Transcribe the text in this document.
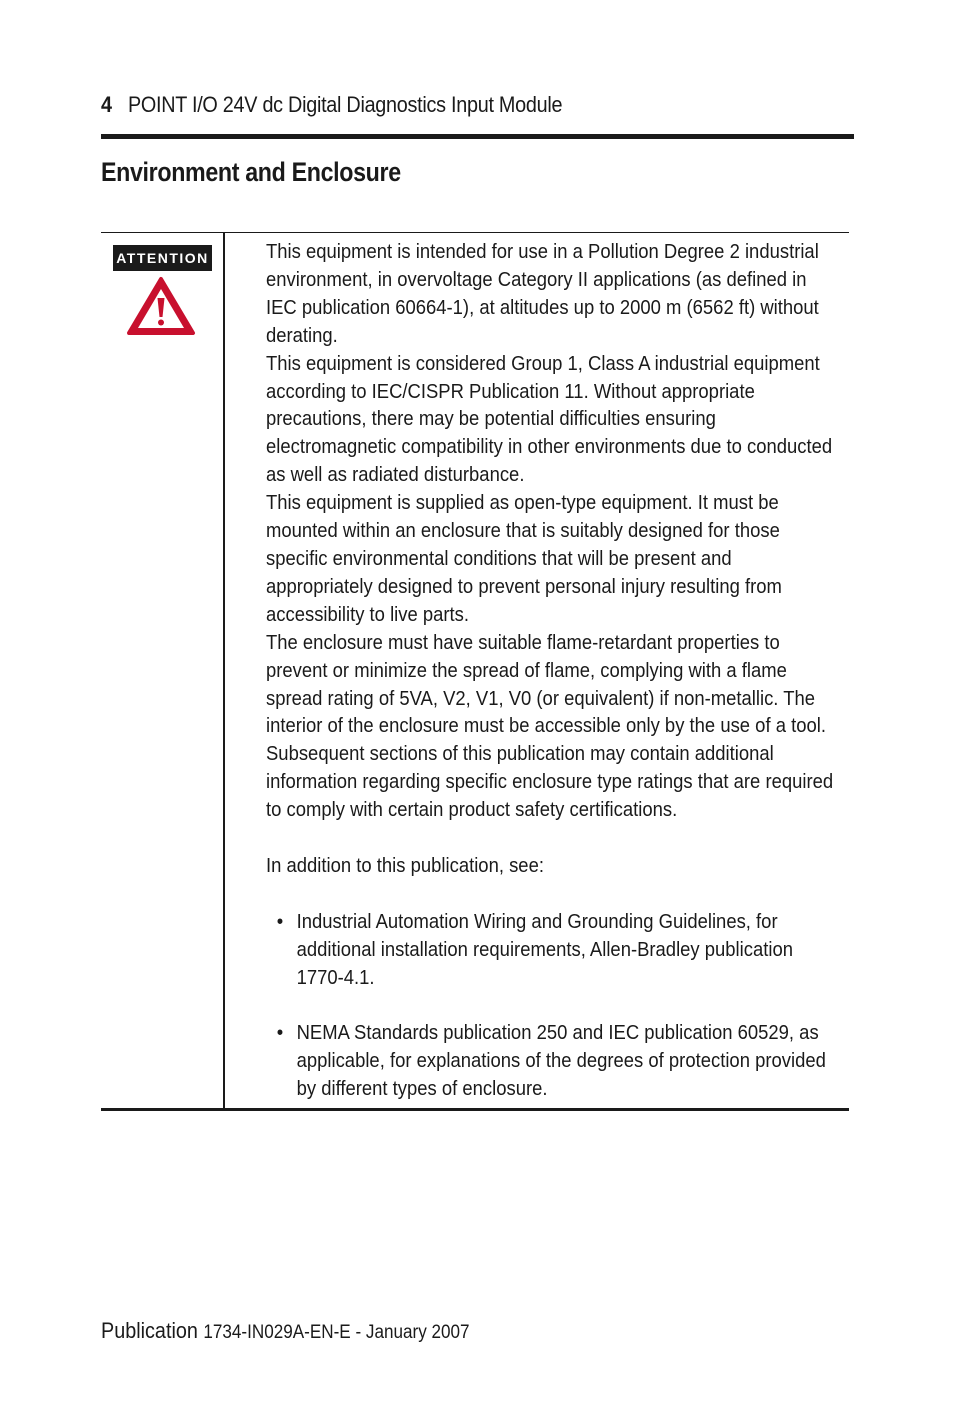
4 POINT I/O 24V dc Digital Diagnostics Input Module
Environment and Enclosure
ATTENTION	This equipment is intended for use in a Pollution Degree 2 industrial environment, in overvoltage Category II applications (as defined in IEC publication 60664-1), at altitudes up to 2000 m (6562 ft) without derating.

This equipment is considered Group 1, Class A industrial equipment according to IEC/CISPR Publication 11. Without appropriate precautions, there may be potential difficulties ensuring electromagnetic compatibility in other environments due to conducted as well as radiated disturbance.

This equipment is supplied as open-type equipment. It must be mounted within an enclosure that is suitably designed for those specific environmental conditions that will be present and appropriately designed to prevent personal injury resulting from accessibility to live parts.

The enclosure must have suitable flame-retardant properties to prevent or minimize the spread of flame, complying with a flame spread rating of 5VA, V2, V1, V0 (or equivalent) if non-metallic. The interior of the enclosure must be accessible only by the use of a tool. Subsequent sections of this publication may contain additional information regarding specific enclosure type ratings that are required to comply with certain product safety certifications.

In addition to this publication, see:

• Industrial Automation Wiring and Grounding Guidelines, for additional installation requirements, Allen-Bradley publication 1770-4.1.
• NEMA Standards publication 250 and IEC publication 60529, as applicable, for explanations of the degrees of protection provided by different types of enclosure.
Publication 1734-IN029A-EN-E - January 2007
